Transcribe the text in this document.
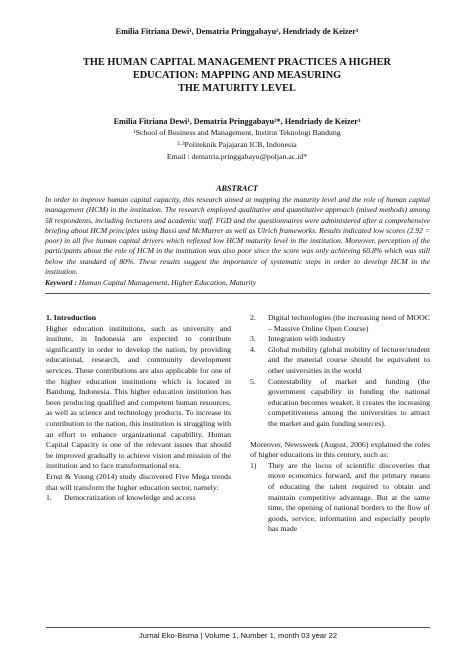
Emilia Fitriana Dewi¹, Dematria Pringgabayu², Hendriady de Keizer³
THE HUMAN CAPITAL MANAGEMENT PRACTICES A HIGHER
EDUCATION: MAPPING AND MEASURING
THE MATURITY LEVEL
Emilia Fitriana Dewi¹, Dematria Pringgabayu²*, Hendriady de Keizer³
¹School of Business and Management, Institut Teknologi Bandung
²·³Politeknik Pajajaran ICB, Indonesia
Email : dematria.pringgabayu@poljan.ac.id*
ABSTRACT
In order to improve human capital capacity, this research aimed at mapping the maturity level and the role of human capital management (HCM) in the institution. The research employed qualitative and quantitative approach (mixed methods) among 58 respondents, including lecturers and academic staff. FGD and the questionnaires were administered after a comprehensive briefing about HCM principles using Bassi and McMurrer as well as Ulrich frameworks. Results indicated low scores (2.92 = poor) in all five human capital drivers which reflexed low HCM maturity level in the institution. Moreover, perception of the participants about the role of HCM in the institution was also poor since the score was only achieving 60.8% which was still below the standard of 80%. These results suggest the importance of systematic steps in order to develop HCM in the institution.
Keyword : Human Capital Management, Higher Education, Maturity
1. Introduction
Higher education institutions, such as university and institute, in Indonesia are expected to contribute significantly in order to develop the nation, by providing educational, research, and community development services. These contributions are also applicable for one of the higher education institutions which is located in Bandung, Indonesia. This higher education institution has been producing qualified and competent human resources, as well as science and technology products. To increase its contribution to the nation, this institution is struggling with an effort to enhance organizational capability. Human Capital Capacity is one of the relevant issues that should be improved gradually to achieve vision and mission of the institution and to face transformational era.
Ernst & Young (2014) study discovered Five Mega trends that will transform the higher education sector, namely:
1. Democratization of knowledge and access
2. Digital technologies (the increasing need of MOOC – Massive Online Open Course)
3. Integration with industry
4. Global mobility (global mobility of lecturer/student and the material course should be equivalent to other universities in the world
5. Contestability of market and funding (the government capability in funding the national education becomes weaker, it creates the increasing competitiveness among the universities to attract the market and gain funding sources).
Moreover, Newsweek (August, 2006) explained the roles of higher educations in this century, such as:
1) They are the locus of scientific discoveries that move economics forward, and the primary means of educating the talent required to obtain and maintain competitive advantage. But at the same time, the opening of national borders to the flow of goods, service, information and especially people has made
Jurnal Eko-Bisma | Volume 1, Number 1, month 03 year 22
